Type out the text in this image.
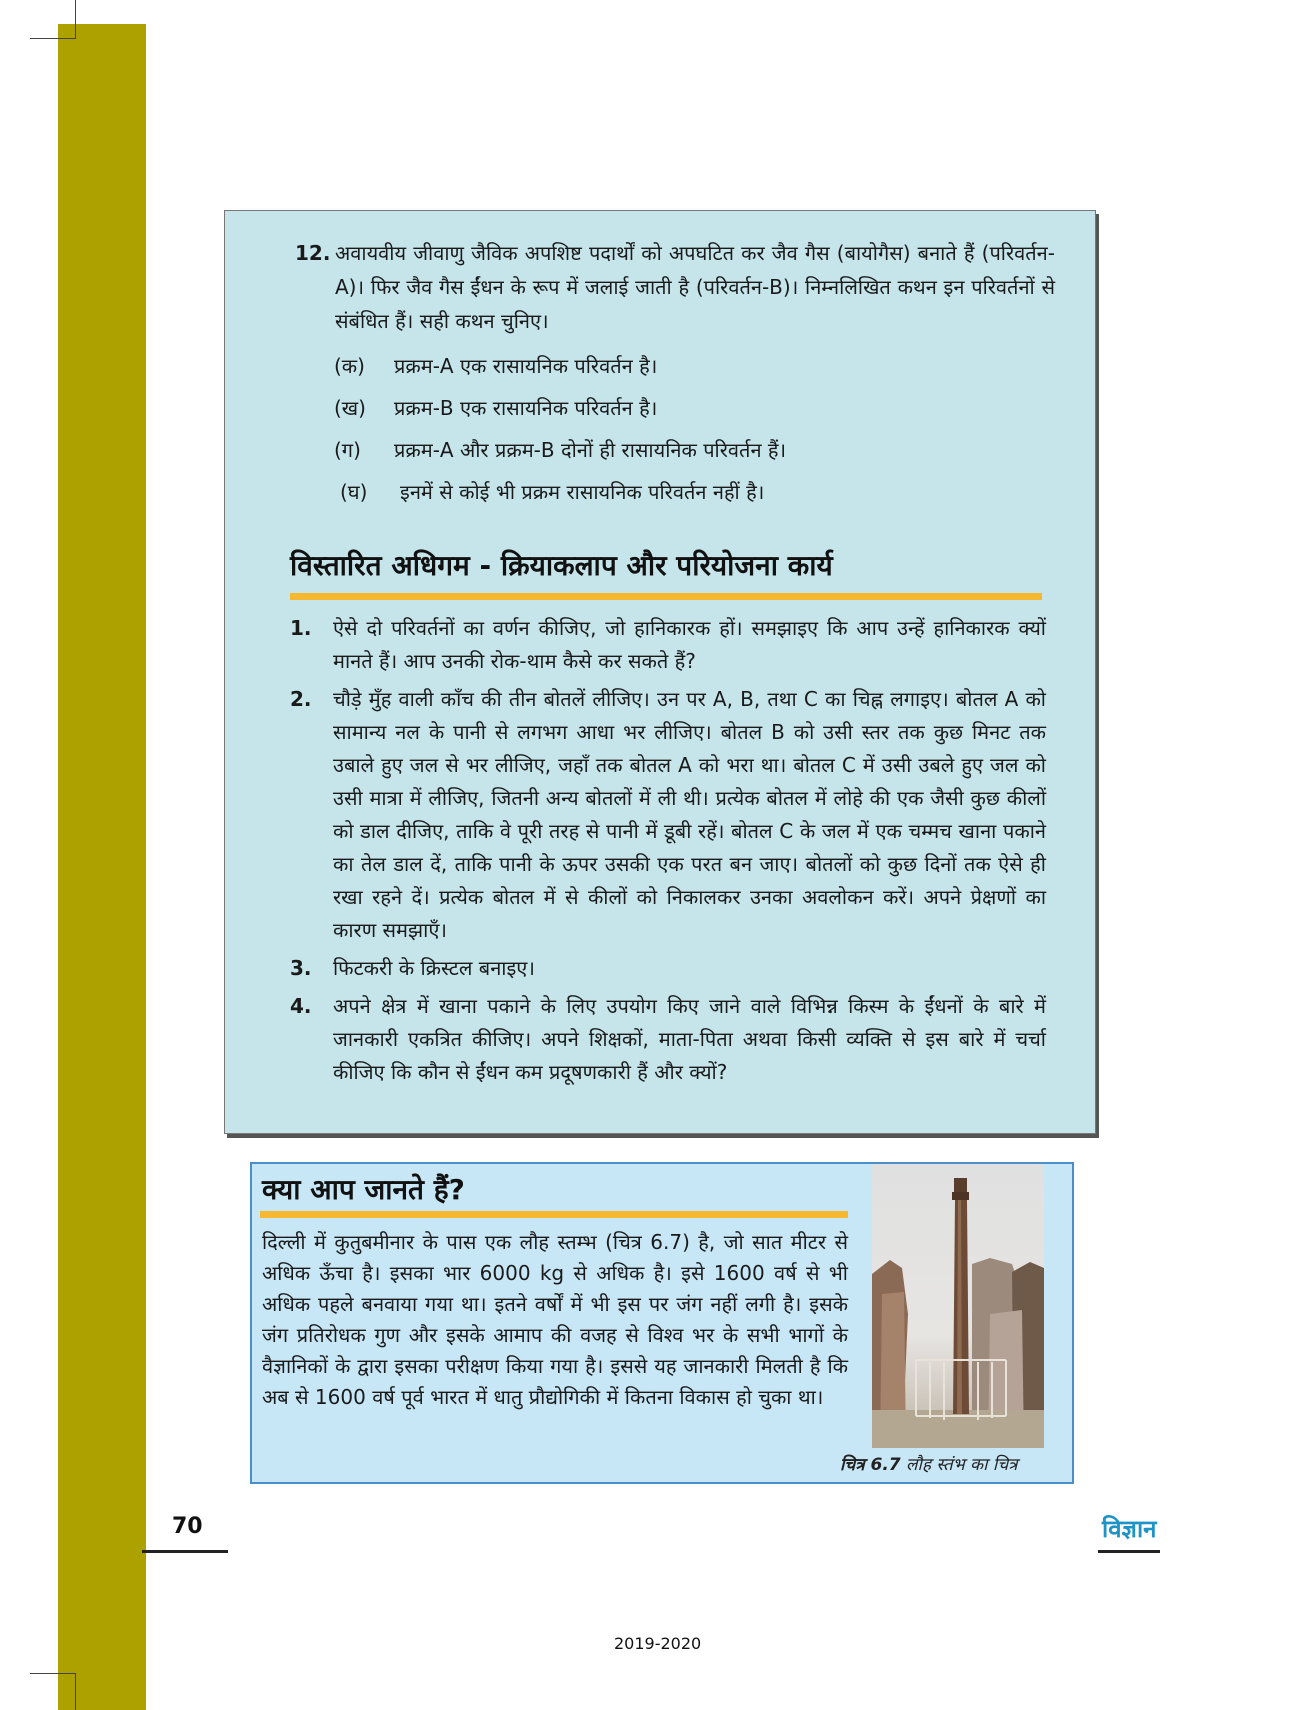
12. अवायवीय जीवाणु जैविक अपशिष्ट पदार्थों को अपघटित कर जैव गैस (बायोगैस) बनाते हैं (परिवर्तन-A)। फिर जैव गैस ईंधन के रूप में जलाई जाती है (परिवर्तन-B)। निम्नलिखित कथन इन परिवर्तनों से संबंधित हैं। सही कथन चुनिए।
(क) प्रक्रम-A एक रासायनिक परिवर्तन है।
(ख) प्रक्रम-B एक रासायनिक परिवर्तन है।
(ग) प्रक्रम-A और प्रक्रम-B दोनों ही रासायनिक परिवर्तन हैं।
(घ) इनमें से कोई भी प्रक्रम रासायनिक परिवर्तन नहीं है।
विस्तारित अधिगम - क्रियाकलाप और परियोजना कार्य
1.	ऐसे दो परिवर्तनों का वर्णन कीजिए, जो हानिकारक हों। समझाइए कि आप उन्हें हानिकारक क्यों मानते हैं। आप उनकी रोक-थाम कैसे कर सकते हैं?
2.	चौड़े मुँह वाली काँच की तीन बोतलें लीजिए। उन पर A, B, तथा C का चिह्न लगाइए। बोतल A को सामान्य नल के पानी से लगभग आधा भर लीजिए। बोतल B को उसी स्तर तक कुछ मिनट तक उबाले हुए जल से भर लीजिए, जहाँ तक बोतल A को भरा था। बोतल C में उसी उबले हुए जल को उसी मात्रा में लीजिए, जितनी अन्य बोतलों में ली थी। प्रत्येक बोतल में लोहे की एक जैसी कुछ कीलों को डाल दीजिए, ताकि वे पूरी तरह से पानी में डूबी रहें। बोतल C के जल में एक चम्मच खाना पकाने का तेल डाल दें, ताकि पानी के ऊपर उसकी एक परत बन जाए। बोतलों को कुछ दिनों तक ऐसे ही रखा रहने दें। प्रत्येक बोतल में से कीलों को निकालकर उनका अवलोकन करें। अपने प्रेक्षणों का कारण समझाएँ।
3.	फिटकरी के क्रिस्टल बनाइए।
4.	अपने क्षेत्र में खाना पकाने के लिए उपयोग किए जाने वाले विभिन्न किस्म के ईंधनों के बारे में जानकारी एकत्रित कीजिए। अपने शिक्षकों, माता-पिता अथवा किसी व्यक्ति से इस बारे में चर्चा कीजिए कि कौन से ईंधन कम प्रदूषणकारी हैं और क्यों?
क्या आप जानते हैं?
दिल्ली में कुतुबमीनार के पास एक लौह स्तम्भ (चित्र 6.7) है, जो सात मीटर से अधिक ऊँचा है। इसका भार 6000 kg से अधिक है। इसे 1600 वर्ष से भी अधिक पहले बनवाया गया था। इतने वर्षों में भी इस पर जंग नहीं लगी है। इसके जंग प्रतिरोधक गुण और इसके आमाप की वजह से विश्व भर के सभी भागों के वैज्ञानिकों के द्वारा इसका परीक्षण किया गया है। इससे यह जानकारी मिलती है कि अब से 1600 वर्ष पूर्व भारत में धातु प्रौद्योगिकी में कितना विकास हो चुका था।
चित्र 6.7 लौह स्तंभ का चित्र
70	विज्ञान
2019-2020
